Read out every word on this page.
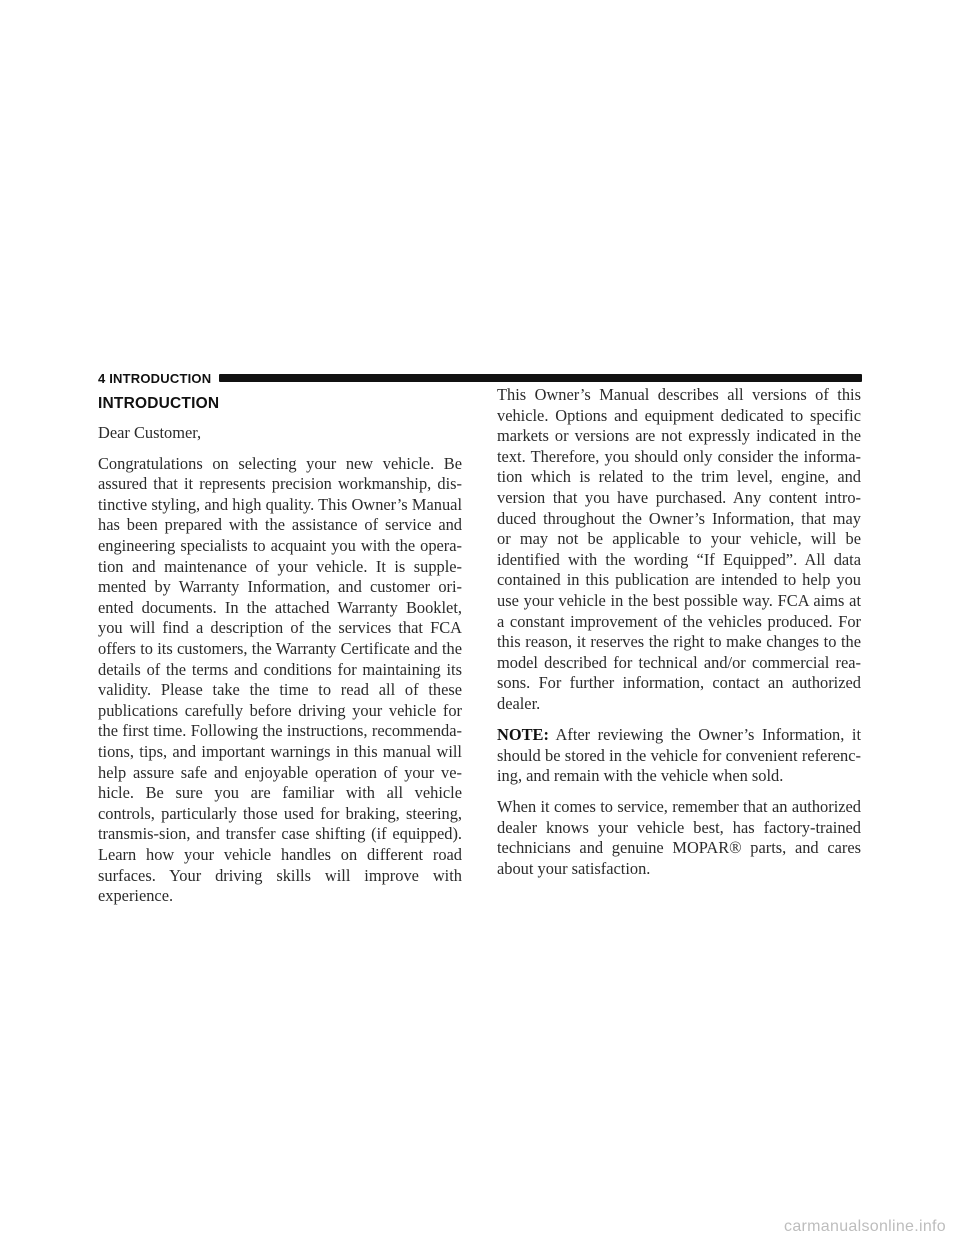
4 INTRODUCTION
INTRODUCTION

Dear Customer,

Congratulations on selecting your new vehicle. Be assured that it represents precision workmanship, dis-tinctive styling, and high quality. This Owner’s Manual has been prepared with the assistance of service and engineering specialists to acquaint you with the opera-tion and maintenance of your vehicle. It is supple-mented by Warranty Information, and customer ori-ented documents. In the attached Warranty Booklet, you will find a description of the services that FCA offers to its customers, the Warranty Certificate and the details of the terms and conditions for maintaining its validity. Please take the time to read all of these publications carefully before driving your vehicle for the first time. Following the instructions, recommenda-tions, tips, and important warnings in this manual will help assure safe and enjoyable operation of your ve-hicle. Be sure you are familiar with all vehicle controls, particularly those used for braking, steering, transmis-sion, and transfer case shifting (if equipped). Learn how your vehicle handles on different road surfaces. Your driving skills will improve with experience.

This Owner’s Manual describes all versions of this vehicle. Options and equipment dedicated to specific markets or versions are not expressly indicated in the text. Therefore, you should only consider the informa-tion which is related to the trim level, engine, and version that you have purchased. Any content intro-duced throughout the Owner’s Information, that may or may not be applicable to your vehicle, will be identified with the wording “If Equipped”. All data contained in this publication are intended to help you use your vehicle in the best possible way. FCA aims at a constant improvement of the vehicles produced. For this reason, it reserves the right to make changes to the model described for technical and/or commercial rea-sons. For further information, contact an authorized dealer.

NOTE: After reviewing the Owner’s Information, it should be stored in the vehicle for convenient referenc-ing, and remain with the vehicle when sold.

When it comes to service, remember that an authorized dealer knows your vehicle best, has factory-trained technicians and genuine MOPAR® parts, and cares about your satisfaction.

carmanualsonline.info
